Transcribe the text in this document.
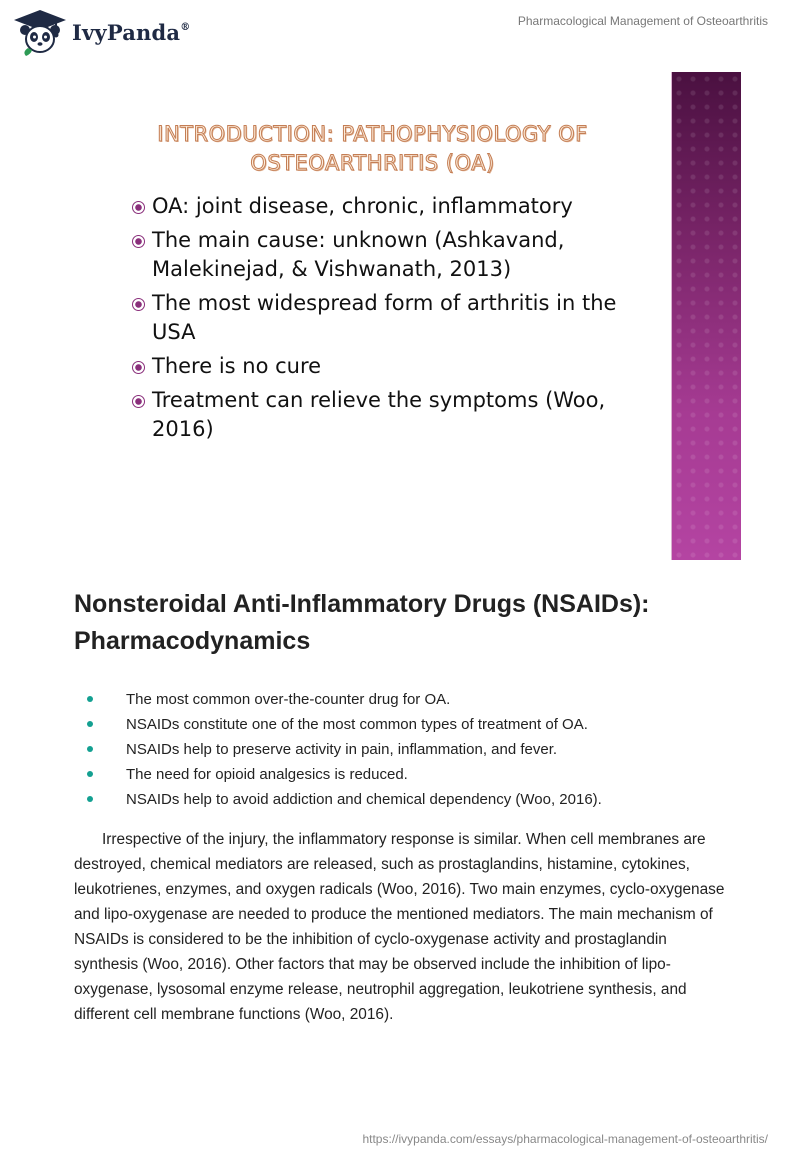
IvyPanda®	Pharmacological Management of Osteoarthritis
INTRODUCTION: PATHOPHYSIOLOGY OF
OSTEOARTHRITIS (OA)
OA: joint disease, chronic, inflammatory
The main cause: unknown (Ashkavand, Malekinejad, & Vishwanath, 2013)
The most widespread form of arthritis in the USA
There is no cure
Treatment can relieve the symptoms (Woo, 2016)
Nonsteroidal Anti-Inflammatory Drugs (NSAIDs): Pharmacodynamics
The most common over-the-counter drug for OA.
NSAIDs constitute one of the most common types of treatment of OA.
NSAIDs help to preserve activity in pain, inflammation, and fever.
The need for opioid analgesics is reduced.
NSAIDs help to avoid addiction and chemical dependency (Woo, 2016).

Irrespective of the injury, the inflammatory response is similar. When cell membranes are destroyed, chemical mediators are released, such as prostaglandins, histamine, cytokines, leukotrienes, enzymes, and oxygen radicals (Woo, 2016). Two main enzymes, cyclo-oxygenase and lipo-oxygenase are needed to produce the mentioned mediators. The main mechanism of NSAIDs is considered to be the inhibition of cyclo-oxygenase activity and prostaglandin synthesis (Woo, 2016). Other factors that may be observed include the inhibition of lipo-oxygenase, lysosomal enzyme release, neutrophil aggregation, leukotriene synthesis, and different cell membrane functions (Woo, 2016).

https://ivypanda.com/essays/pharmacological-management-of-osteoarthritis/
